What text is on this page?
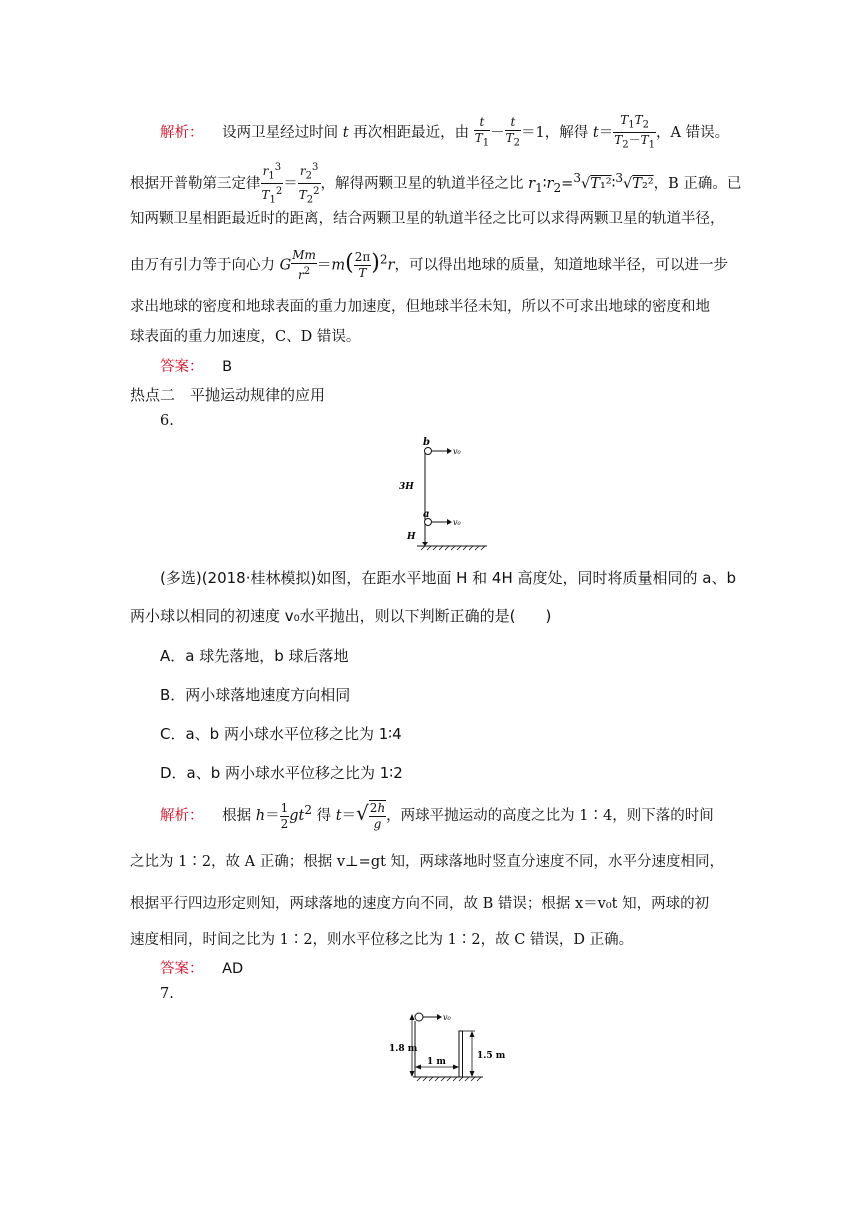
解析： 设两卫星经过时间 t 再次相距最近，由 $\frac{t}{T_1} - \frac{t}{T_2} =1$，解得 $t= \frac{T_1T_2}{T_2-T_1}$ ，A 错误。
根据开普勒第三定律 $\frac{r_1^3}{T_1^2} = \frac{r_2^3}{T_2^2}$ ，解得两颗卫星的轨道半径之比 $r_1∶r_2=^3√T_1^2∶^3√T_2^2$，B 正确。已
知两颗卫星相距最近时的距离，结合两颗卫星的轨道半径之比可以求得两颗卫星的轨道半径，
由万有引力等于向心力 G $\frac{Mm}{r^2} =m( \frac{2\pi}{T} )^2r$，可以得出地球的质量，知道地球半径，可以进一步
求出地球的密度和地球表面的重力加速度，但地球半径未知，所以不可求出地球的密度和地
球表面的重力加速度，C、D 错误。
答案： B
热点二　平抛运动规律的应用
6.
b
v₀
3H
a
v₀
H
(多选)(2018·桂林模拟)如图，在距水平地面 H 和 4H 高度处，同时将质量相同的 a、b
两小球以相同的初速度 v₀水平抛出，则以下判断正确的是(　　)
A．a 球先落地，b 球后落地
B．两小球落地速度方向相同
C．a、b 两小球水平位移之比为 1∶4
D．a、b 两小球水平位移之比为 1∶2
解析： 根据 $h= \frac{1}{2} gt^2$ 得 $t=√ \frac{2h}{g}$ ，两球平抛运动的高度之比为 1∶4，则下落的时间
之比为 1∶2，故 A 正确；根据 v⊥=gt 知，两球落地时竖直分速度不同，水平分速度相同，
根据平行四边形定则知，两球落地的速度方向不同，故 B 错误；根据 x＝v₀t 知，两球的初
速度相同，时间之比为 1∶2，则水平位移之比为 1∶2，故 C 错误，D 正确。
答案： AD
7.
v₀
1.8 m
1 m
1.5 m
